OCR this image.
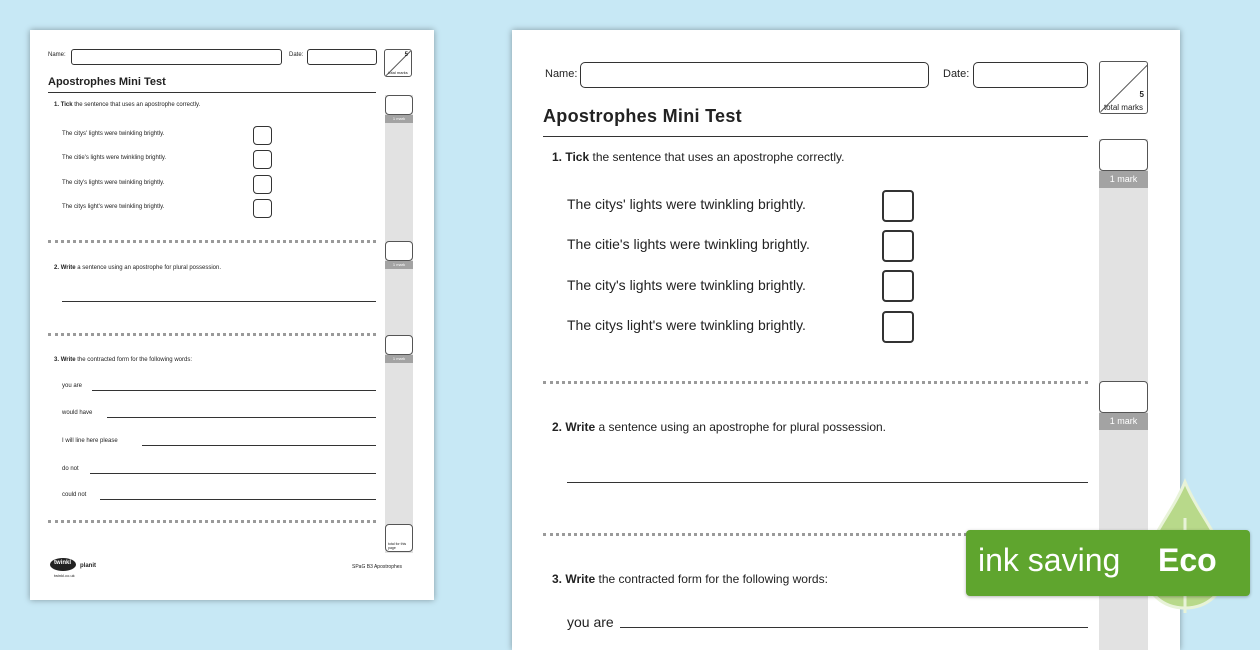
Name:	Date:	5
total marks
Apostrophes Mini Test
1 mark
1. Tick the sentence that uses an apostrophe correctly.
The citys' lights were twinkling brightly.
The citie's lights were twinkling brightly.
The city's lights were twinkling brightly.
The citys light's were twinkling brightly.
1 mark
2. Write a sentence using an apostrophe for plural possession.
1 mark
3. Write the contracted form for the following words:
you are
would have
I will line here please
do not
could not
total for this page
twinkl
twinkl.co.uk
planit	SPaG B3 Apostrophes
Name:	Date:
5
total marks
Apostrophes Mini Test
1 mark
1. Tick the sentence that uses an apostrophe correctly.
The citys' lights were twinkling brightly.
The citie's lights were twinkling brightly.
The city's lights were twinkling brightly.
The citys light's were twinkling brightly.
1 mark
2. Write a sentence using an apostrophe for plural possession.
3. Write the contracted form for the following words:
you are
ink saving Eco
